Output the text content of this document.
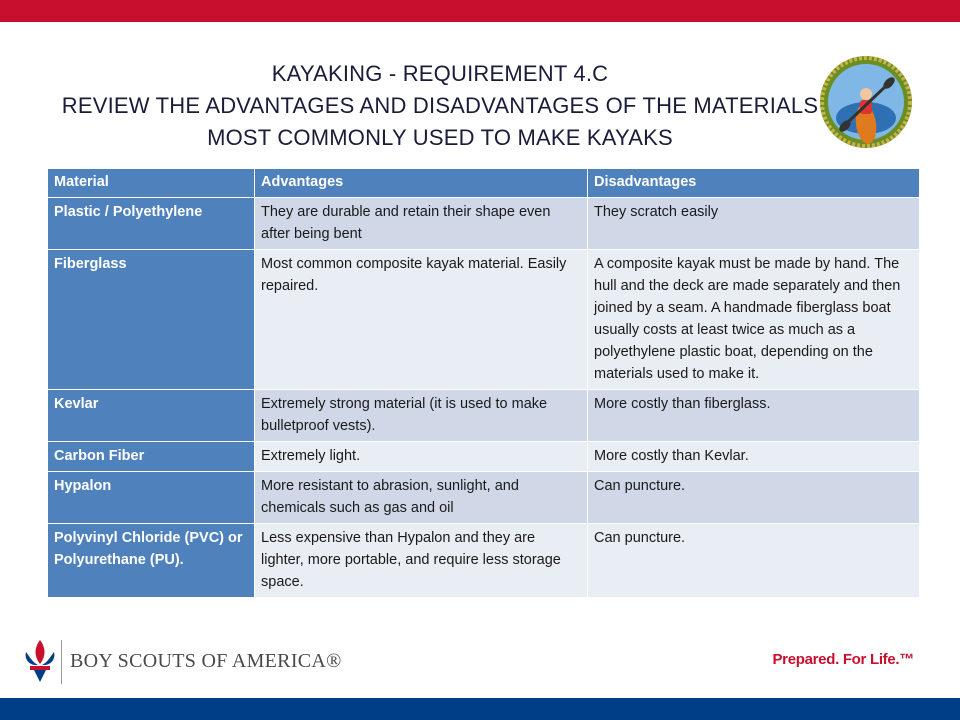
KAYAKING - REQUIREMENT 4.C
REVIEW THE ADVANTAGES AND DISADVANTAGES OF THE MATERIALS
MOST COMMONLY USED TO MAKE KAYAKS
Material	Advantages	Disadvantages
Plastic / Polyethylene	They are durable and retain their shape even after being bent	They scratch easily
Fiberglass	Most common composite kayak material. Easily repaired.	A composite kayak must be made by hand. The hull and the deck are made separately and then joined by a seam. A handmade fiberglass boat usually costs at least twice as much as a polyethylene plastic boat, depending on the materials used to make it.
Kevlar	Extremely strong material (it is used to make bulletproof vests).	More costly than fiberglass.
Carbon Fiber	Extremely light.	More costly than Kevlar.
Hypalon	More resistant to abrasion, sunlight, and chemicals such as gas and oil	Can puncture.
Polyvinyl Chloride (PVC) or Polyurethane (PU).	Less expensive than Hypalon and they are lighter, more portable, and require less storage space.	Can puncture.
BOY SCOUTS OF AMERICA®	Prepared. For Life.™
